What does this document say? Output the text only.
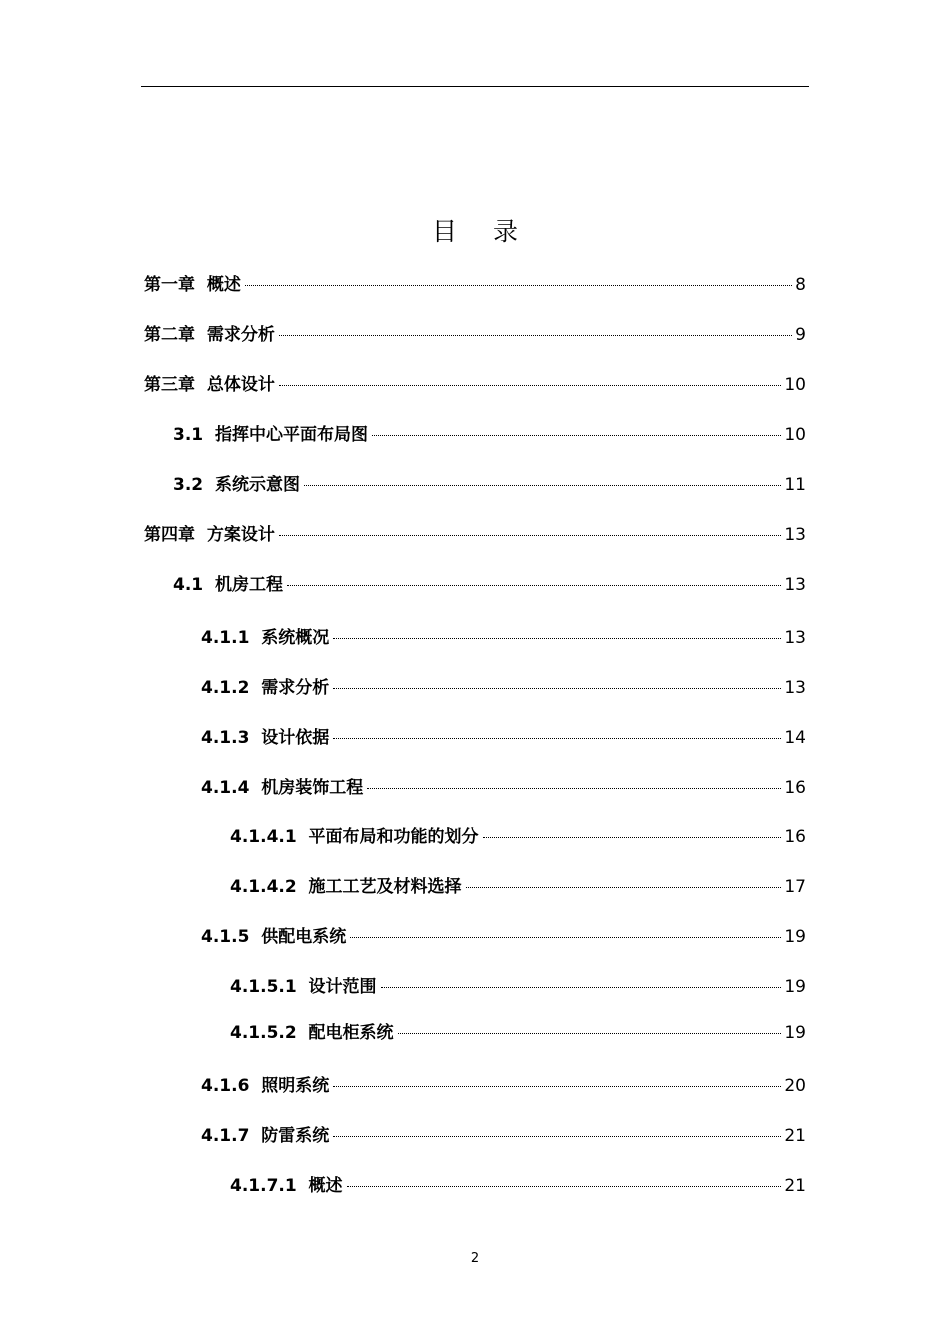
目 录
第一章  概述	8
第二章  需求分析	9
第三章  总体设计	10
3.1  指挥中心平面布局图	10
3.2  系统示意图	11
第四章  方案设计	13
4.1  机房工程	13
4.1.1  系统概况	13
4.1.2  需求分析	13
4.1.3  设计依据	14
4.1.4  机房装饰工程	16
4.1.4.1  平面布局和功能的划分	16
4.1.4.2  施工工艺及材料选择	17
4.1.5  供配电系统	19
4.1.5.1  设计范围	19
4.1.5.2  配电柜系统	19
4.1.6  照明系统	20
4.1.7  防雷系统	21
4.1.7.1  概述	21
2
